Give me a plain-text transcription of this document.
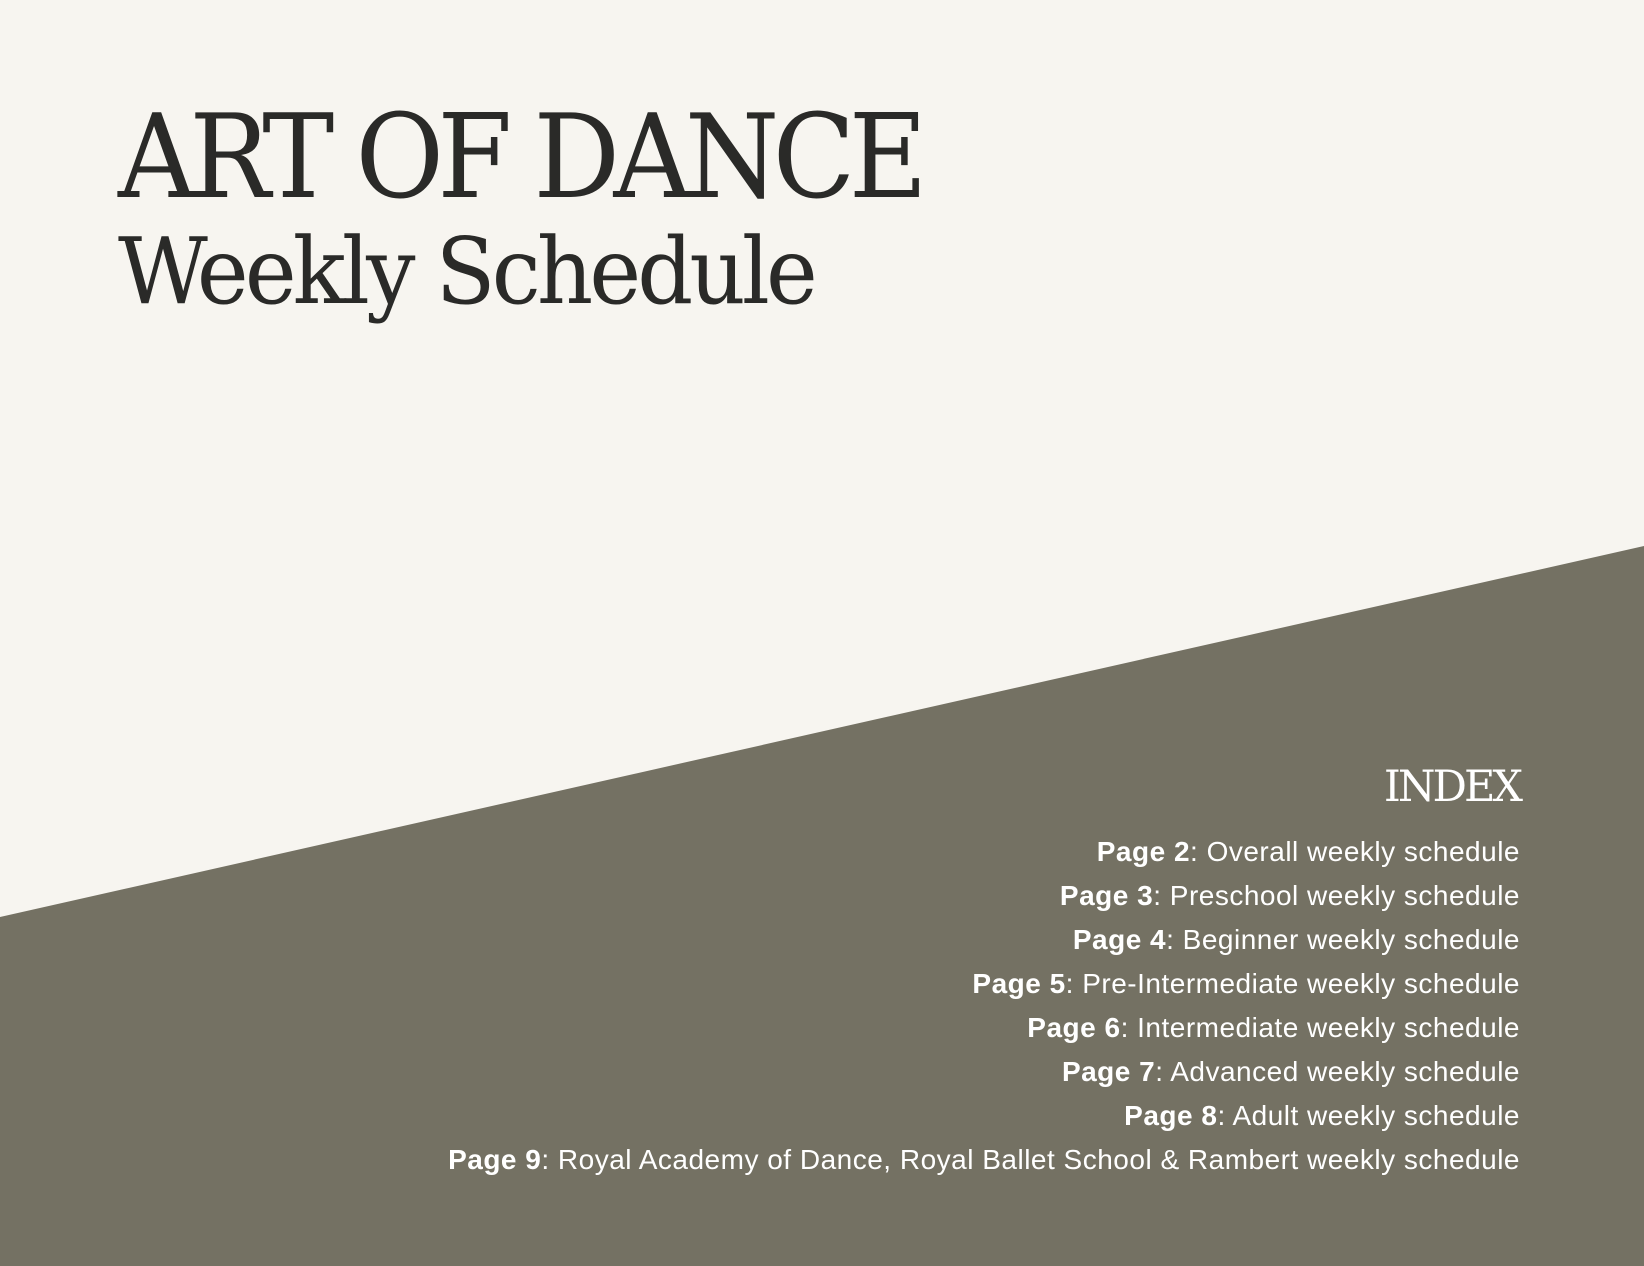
ART OF DANCE
Weekly Schedule
INDEX
Page 2: Overall weekly schedule
Page 3: Preschool weekly schedule
Page 4: Beginner weekly schedule
Page 5: Pre-Intermediate weekly schedule
Page 6: Intermediate weekly schedule
Page 7: Advanced weekly schedule
Page 8: Adult weekly schedule
Page 9: Royal Academy of Dance, Royal Ballet School & Rambert weekly schedule
